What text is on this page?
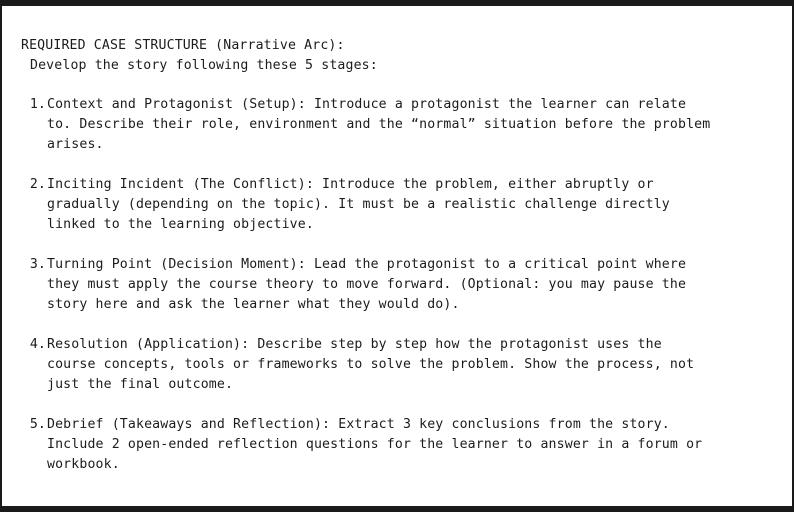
REQUIRED CASE STRUCTURE (Narrative Arc):

Develop the story following these 5 stages:

1. Context and Protagonist (Setup): Introduce a protagonist the learner can relate
to. Describe their role, environment and the “normal” situation before the problem
arises.
2. Inciting Incident (The Conflict): Introduce the problem, either abruptly or
gradually (depending on the topic). It must be a realistic challenge directly
linked to the learning objective.
3. Turning Point (Decision Moment): Lead the protagonist to a critical point where
they must apply the course theory to move forward. (Optional: you may pause the
story here and ask the learner what they would do).
4. Resolution (Application): Describe step by step how the protagonist uses the
course concepts, tools or frameworks to solve the problem. Show the process, not
just the final outcome.
5. Debrief (Takeaways and Reflection): Extract 3 key conclusions from the story.
Include 2 open-ended reflection questions for the learner to answer in a forum or
workbook.
